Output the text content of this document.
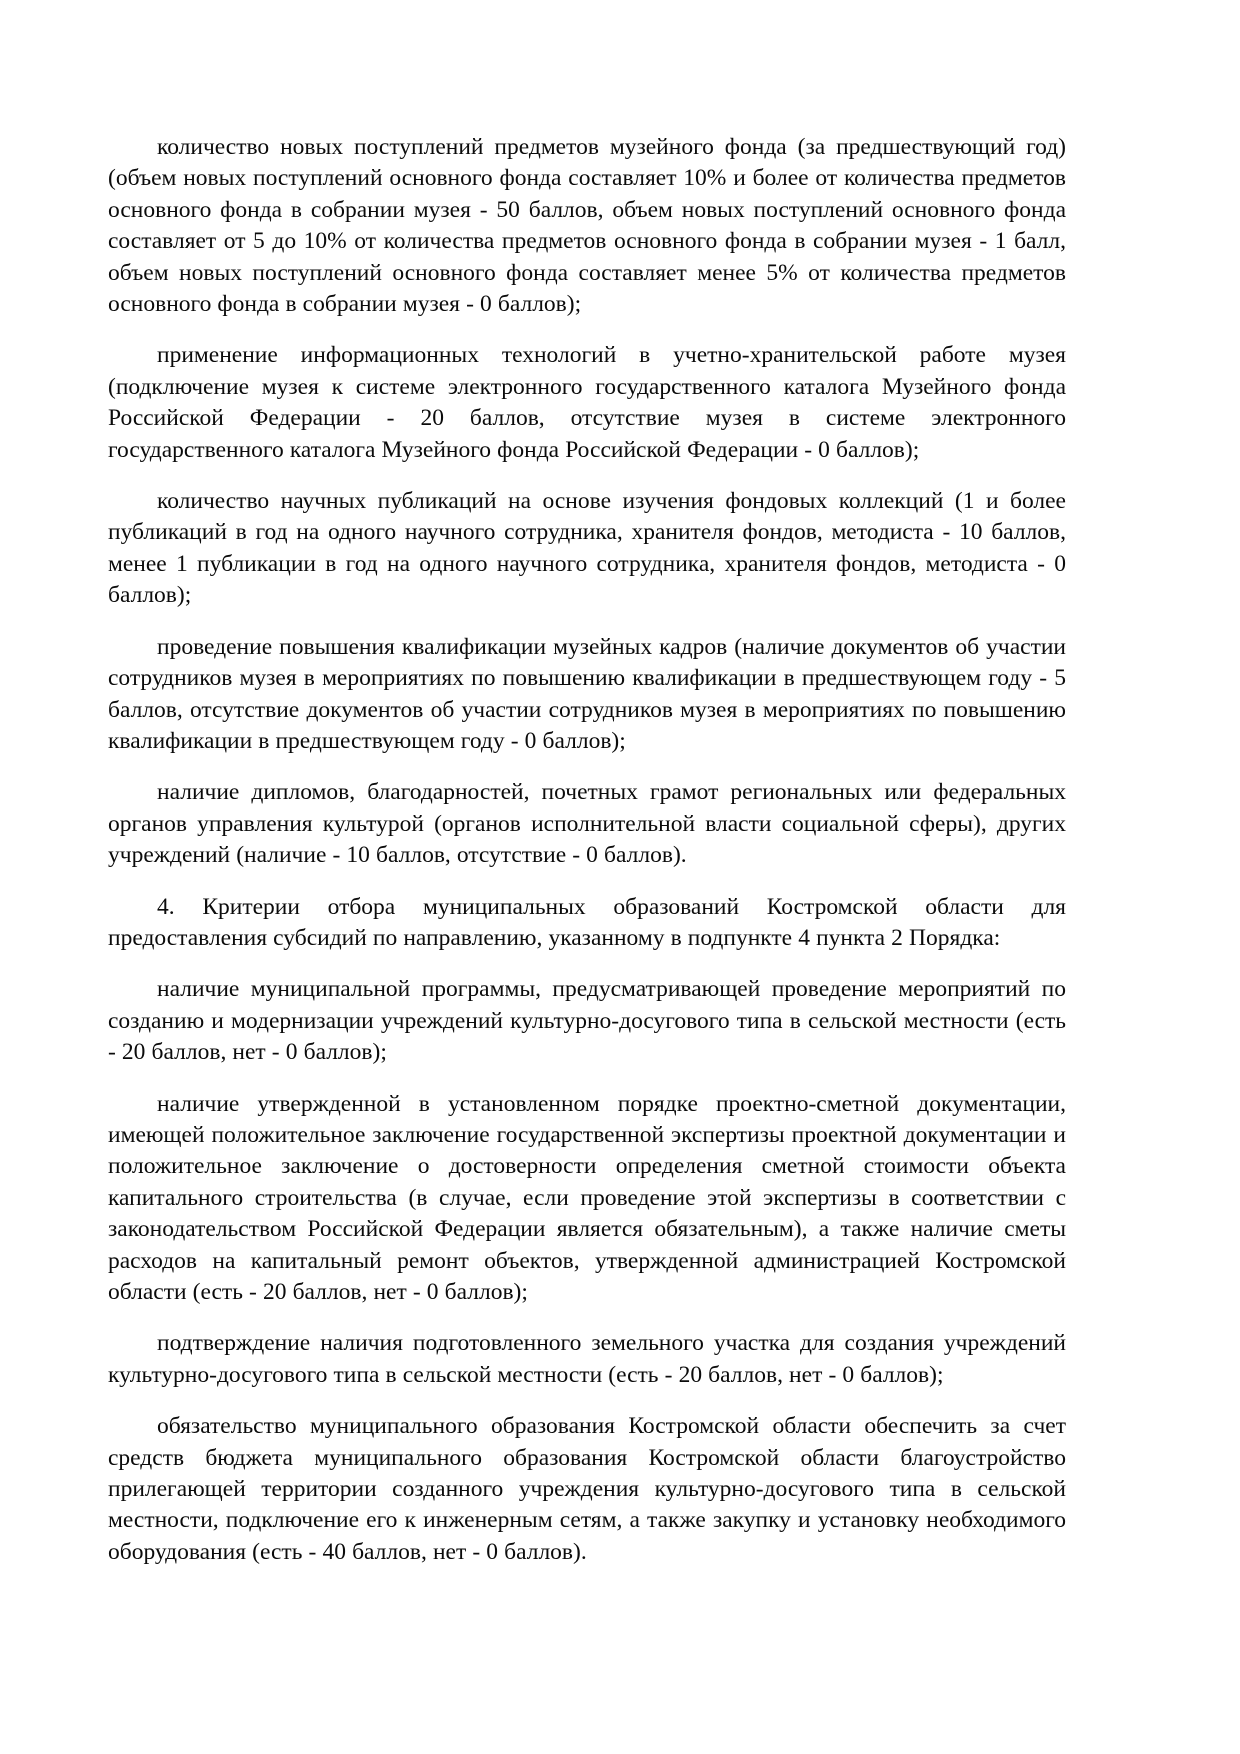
количество новых поступлений предметов музейного фонда (за предшествующий год) (объем новых поступлений основного фонда составляет 10% и более от количества предметов основного фонда в собрании музея - 50 баллов, объем новых поступлений основного фонда составляет от 5 до 10% от количества предметов основного фонда в собрании музея - 1 балл, объем новых поступлений основного фонда составляет менее 5% от количества предметов основного фонда в собрании музея - 0 баллов);

применение информационных технологий в учетно-хранительской работе музея (подключение музея к системе электронного государственного каталога Музейного фонда Российской Федерации - 20 баллов, отсутствие музея в системе электронного государственного каталога Музейного фонда Российской Федерации - 0 баллов);

количество научных публикаций на основе изучения фондовых коллекций (1 и более публикаций в год на одного научного сотрудника, хранителя фондов, методиста - 10 баллов, менее 1 публикации в год на одного научного сотрудника, хранителя фондов, методиста - 0 баллов);

проведение повышения квалификации музейных кадров (наличие документов об участии сотрудников музея в мероприятиях по повышению квалификации в предшествующем году - 5 баллов, отсутствие документов об участии сотрудников музея в мероприятиях по повышению квалификации в предшествующем году - 0 баллов);

наличие дипломов, благодарностей, почетных грамот региональных или федеральных органов управления культурой (органов исполнительной власти социальной сферы), других учреждений (наличие - 10 баллов, отсутствие - 0 баллов).

4. Критерии отбора муниципальных образований Костромской области для предоставления субсидий по направлению, указанному в подпункте 4 пункта 2 Порядка:

наличие муниципальной программы, предусматривающей проведение мероприятий по созданию и модернизации учреждений культурно-досугового типа в сельской местности (есть - 20 баллов, нет - 0 баллов);

наличие утвержденной в установленном порядке проектно-сметной документации, имеющей положительное заключение государственной экспертизы проектной документации и положительное заключение о достоверности определения сметной стоимости объекта капитального строительства (в случае, если проведение этой экспертизы в соответствии с законодательством Российской Федерации является обязательным), а также наличие сметы расходов на капитальный ремонт объектов, утвержденной администрацией Костромской области (есть - 20 баллов, нет - 0 баллов);

подтверждение наличия подготовленного земельного участка для создания учреждений культурно-досугового типа в сельской местности (есть - 20 баллов, нет - 0 баллов);

обязательство муниципального образования Костромской области обеспечить за счет средств бюджета муниципального образования Костромской области благоустройство прилегающей территории созданного учреждения культурно-досугового типа в сельской местности, подключение его к инженерным сетям, а также закупку и установку необходимого оборудования (есть - 40 баллов, нет - 0 баллов).
